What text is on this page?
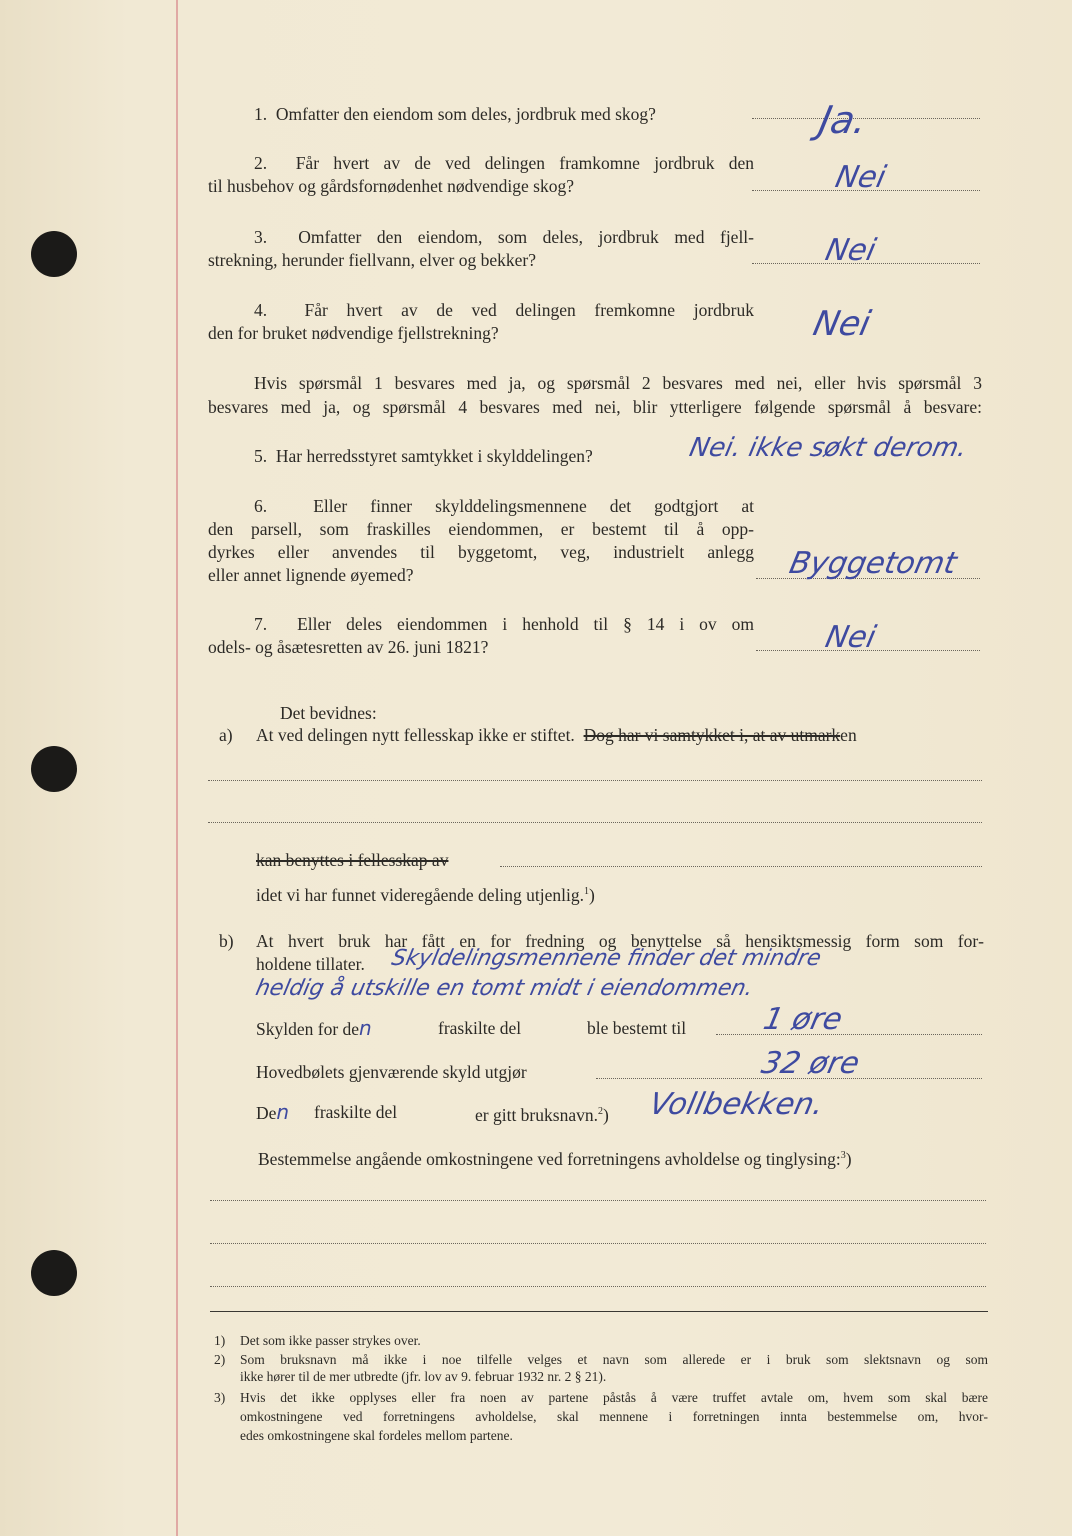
1. Omfatter den eiendom som deles, jordbruk med skog?	Ja.
2. Får hvert av de ved delingen framkomne jordbruk den
til husbehov og gårdsfornødenhet nødvendige skog?	Nei
3. Omfatter den eiendom, som deles, jordbruk med fjell‐
strekning, herunder fiellvann, elver og bekker?	Nei
4. Får hvert av de ved delingen fremkomne jordbruk
den for bruket nødvendige fjellstrekning?	Nei
Hvis spørsmål 1 besvares med ja, og spørsmål 2 besvares med nei, eller hvis spørsmål 3
besvares med ja, og spørsmål 4 besvares med nei, blir ytterligere følgende spørsmål å besvare:
5. Har herredsstyret samtykket i skylddelingen?	Nei. ikke søkt derom.
6.	Eller finner skylddelingsmennene det godtgjort at
den parsell, som fraskilles eiendommen, er bestemt til å opp‐
dyrkes eller anvendes til byggetomt, veg, industrielt anlegg
eller annet lignende øyemed?	Byggetomt
7. Eller deles eiendommen i henhold til § 14 i ov om
odels‐ og åsætesretten av 26. juni 1821?	Nei
Det bevidnes:
a) At ved delingen nytt fellesskap ikke er stiftet. Dog har vi samtykket i, at av utmarken
kan benyttes i fellesskap av
idet vi har funnet videregående deling utjenlig.$^1$)
b) At hvert bruk har fått en for fredning og benyttelse så hensiktsmessig form som for‐
holdene tillater. Skyldelingsmennene finder det mindre
heldig å utskille en tomt midt i eiendommen.
Skylden for den	fraskilte del	ble bestemt til 1 øre
Hovedbølets gjenværende skyld utgjør	32 øre
Den fraskilte del	er gitt bruksnavn.$^2$) Vollbekken.
Bestemmelse angående omkostningene ved forretningens avholdelse og tinglysing:$^3$)
1) Det som ikke passer strykes over.
2) Som bruksnavn må ikke i noe tilfelle velges et navn som allerede er i bruk som slektsnavn og som
ikke hører til de mer utbredte (jfr. lov av 9. februar 1932 nr. 2 § 21).
3) Hvis det ikke opplyses eller fra noen av partene påstås å være truffet avtale om, hvem som skal bære
omkostningene ved forretningens avholdelse, skal mennene i forretningen innta bestemmelse om, hvor‐
edes omkostningene skal fordeles mellom partene.
